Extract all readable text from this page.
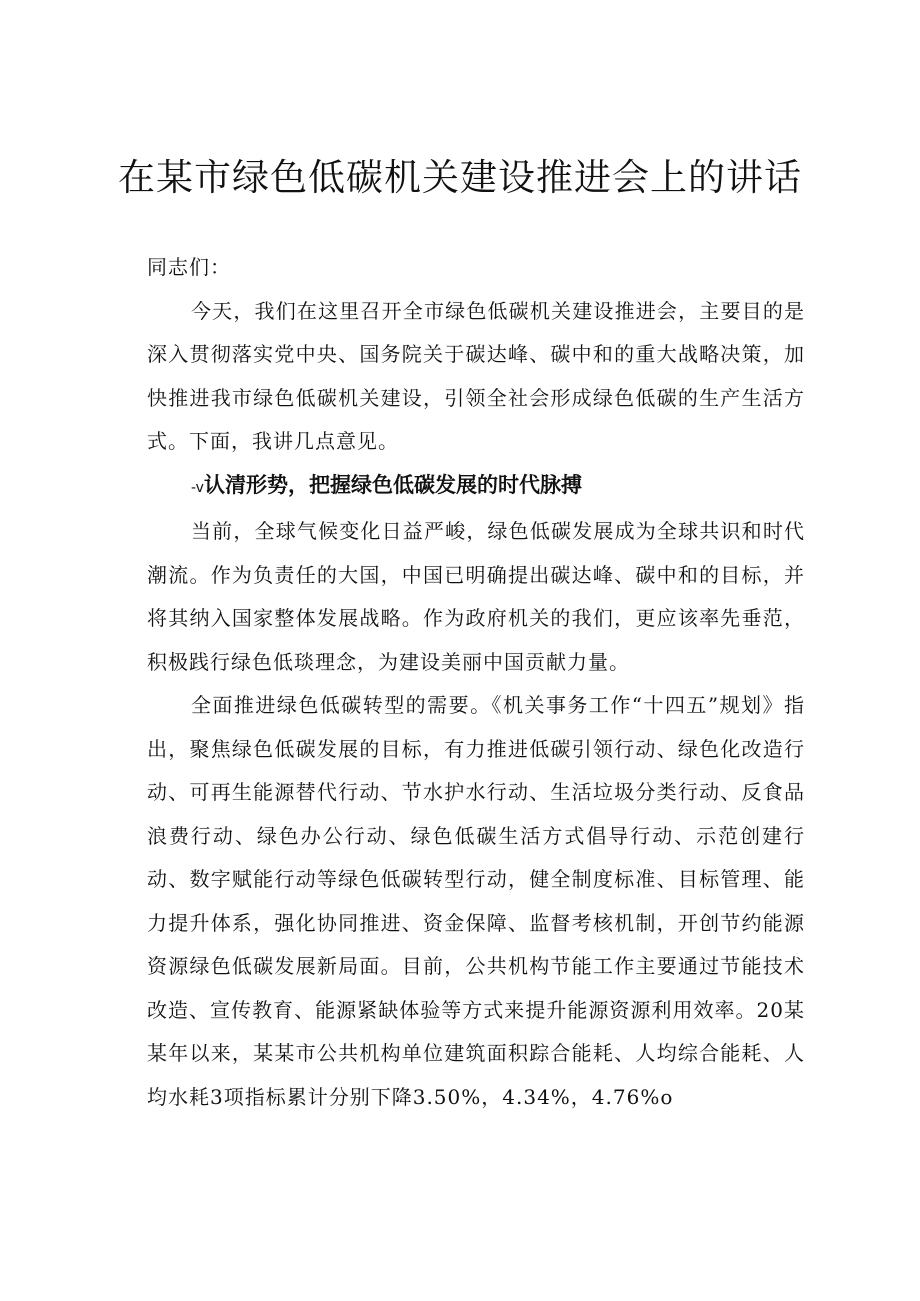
在某市绿色低碳机关建设推进会上的讲话

同志们：

今天，我们在这里召开全市绿色低碳机关建设推进会，主要目的是深入贯彻落实党中央、国务院关于碳达峰、碳中和的重大战略决策，加快推进我市绿色低碳机关建设，引领全社会形成绿色低碳的生产生活方式。下面，我讲几点意见。

-v认清形势，把握绿色低碳发展的时代脉搏

当前，全球气候变化日益严峻，绿色低碳发展成为全球共识和时代潮流。作为负责任的大国，中国已明确提出碳达峰、碳中和的目标，并将其纳入国家整体发展战略。作为政府机关的我们，更应该率先垂范，积极践行绿色低琰理念，为建设美丽中国贡献力量。

全面推进绿色低碳转型的需要。《机关事务工作“十四五”规划》指出，聚焦绿色低碳发展的目标，有力推进低碳引领行动、绿色化改造行动、可再生能源替代行动、节水护水行动、生活垃圾分类行动、反食品浪费行动、绿色办公行动、绿色低碳生活方式倡导行动、示范创建行动、数字赋能行动等绿色低碳转型行动，健全制度标准、目标管理、能力提升体系，强化协同推进、资金保障、监督考核机制，开创节约能源资源绿色低碳发展新局面。目前，公共机构节能工作主要通过节能技术改造、宣传教育、能源紧缺体验等方式来提升能源资源利用效率。20某某年以来，某某市公共机构单位建筑面积踪合能耗、人均综合能耗、人均水耗3项指标累计分别下降3.50%，4.34%，4.76%o
